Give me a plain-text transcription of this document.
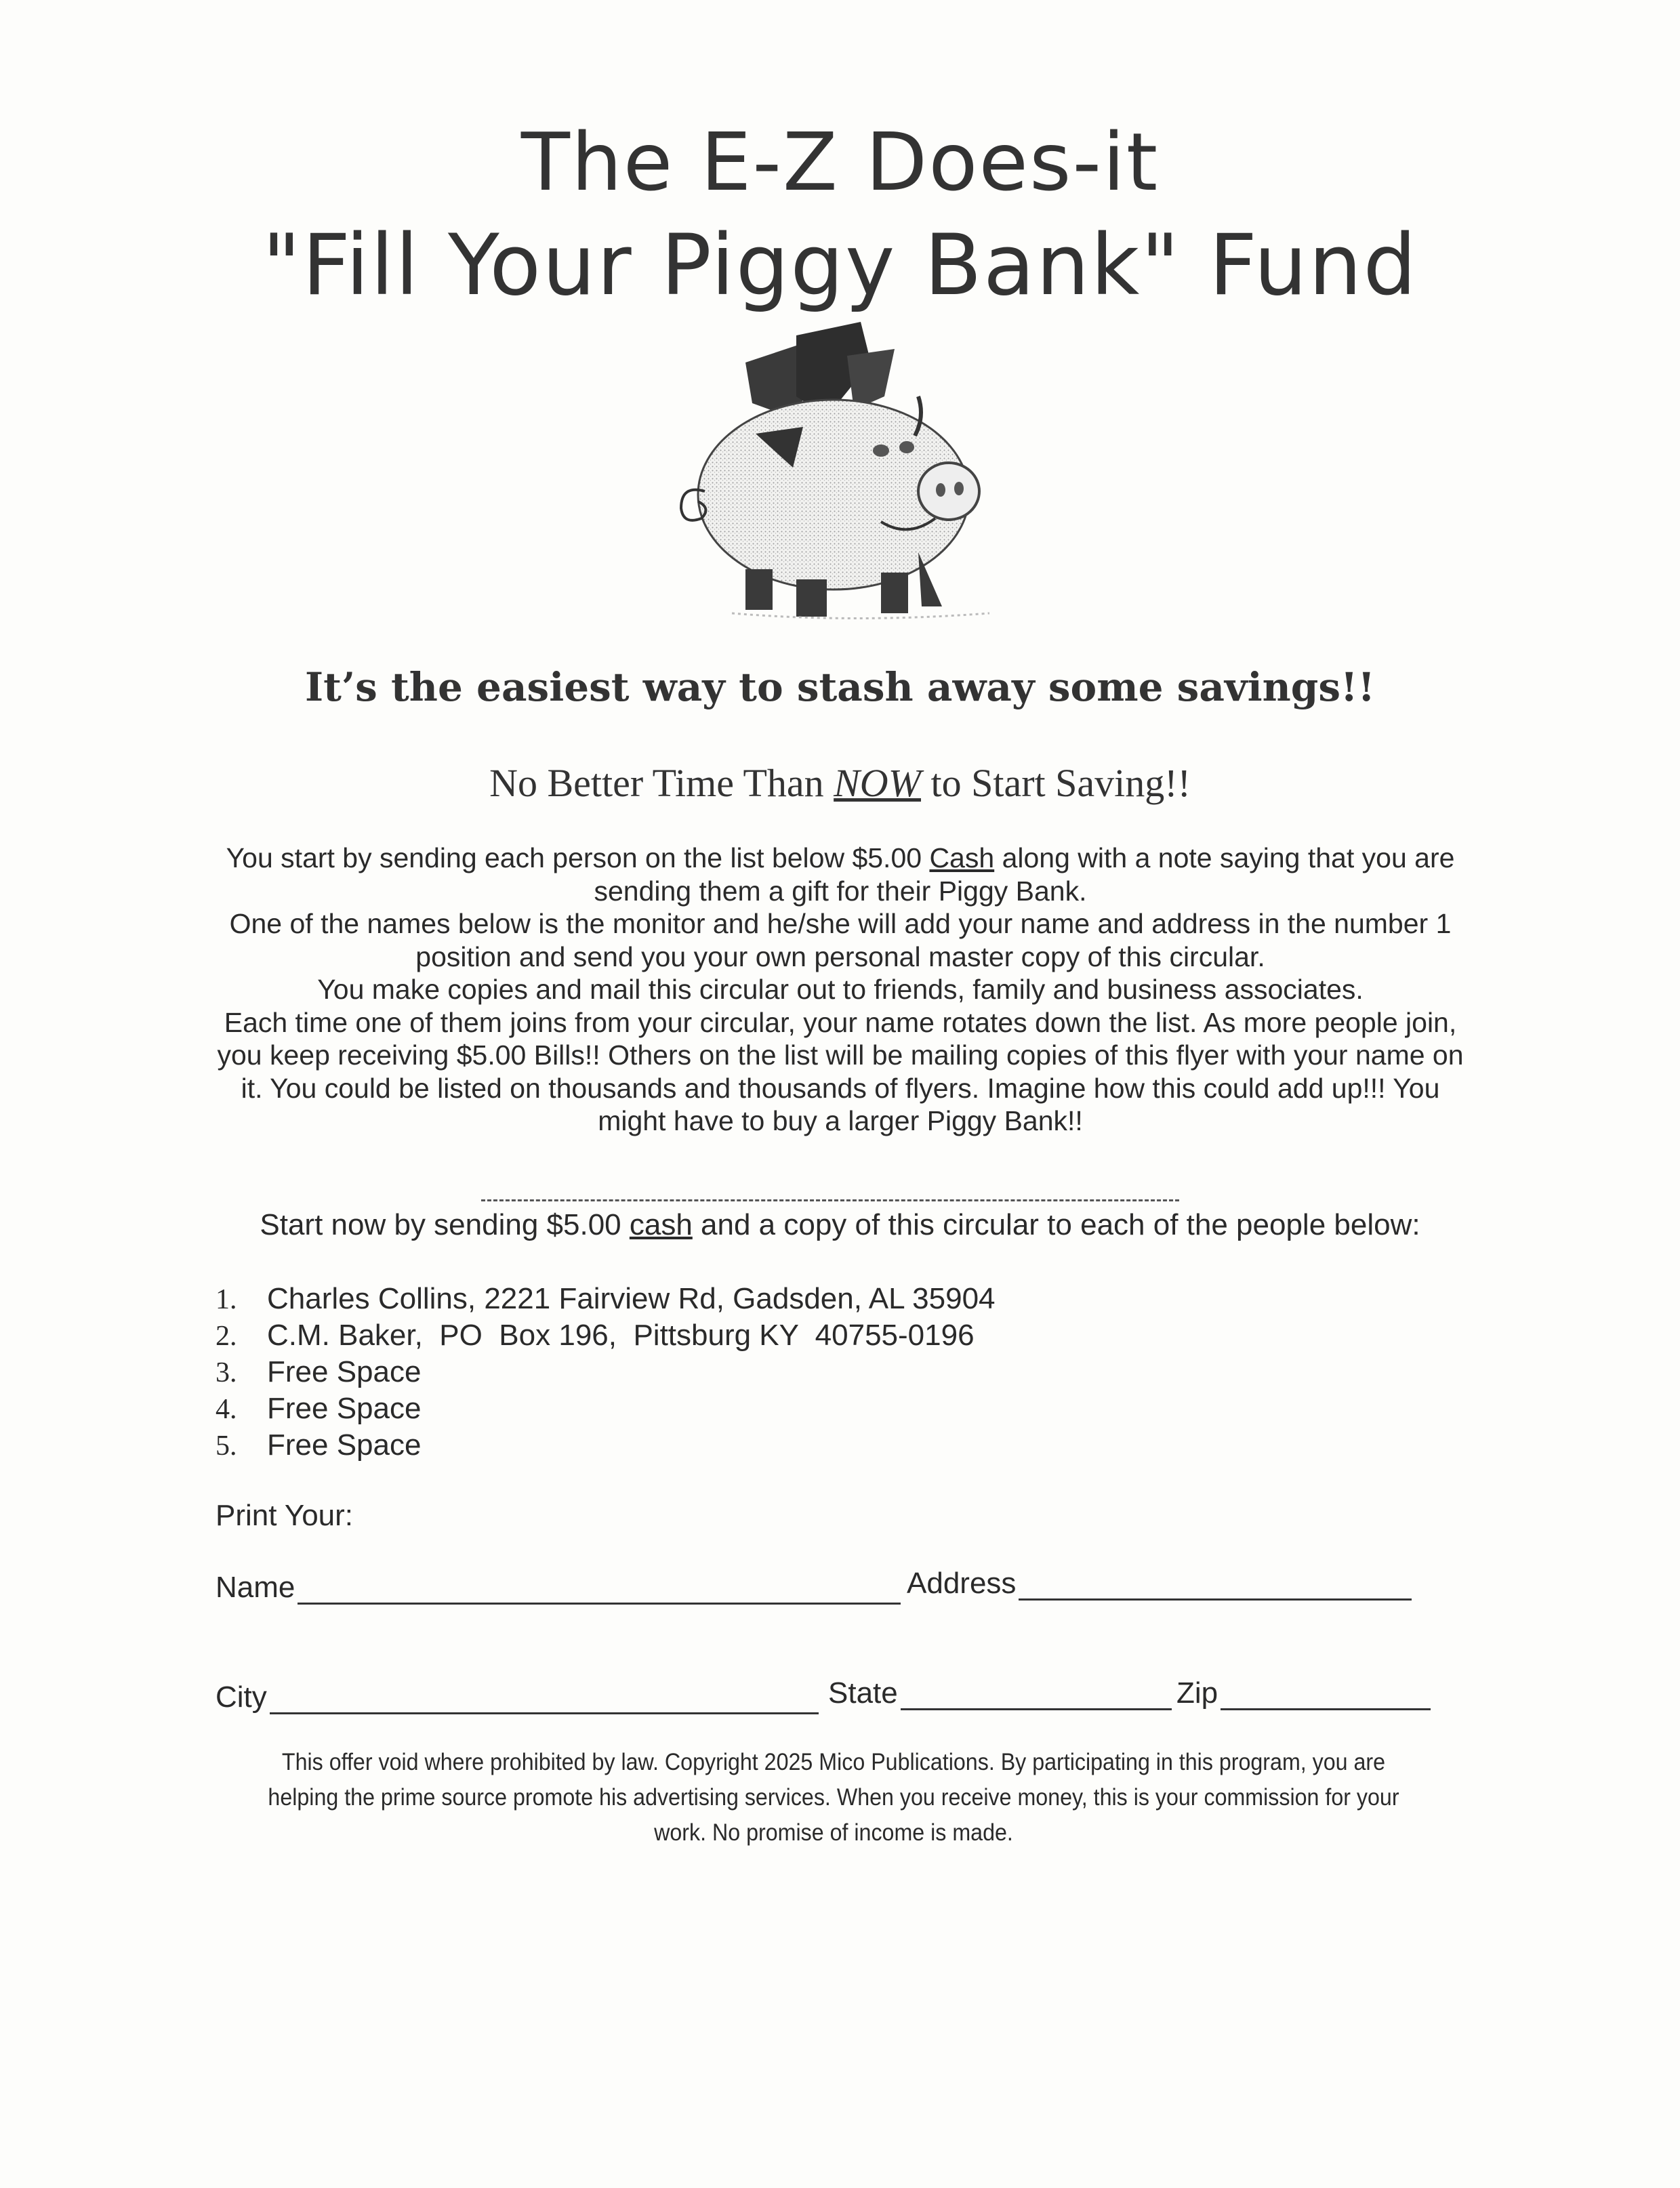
The E-Z Does-it
"Fill Your Piggy Bank" Fund
It’s the easiest way to stash away some savings!!
No Better Time Than NOW to Start Saving!!

You start by sending each person on the list below $5.00 Cash along with a note saying that you are sending them a gift for their Piggy Bank.

One of the names below is the monitor and he/she will add your name and address in the number 1 position and send you your own personal master copy of this circular.

You make copies and mail this circular out to friends, family and business associates.

Each time one of them joins from your circular, your name rotates down the list. As more people join, you keep receiving $5.00 Bills!! Others on the list will be mailing copies of this flyer with your name on it. You could be listed on thousands and thousands of flyers. Imagine how this could add up!!! You might have to buy a larger Piggy Bank!!

Start now by sending $5.00 cash and a copy of this circular to each of the people below:
1. Charles Collins, 2221 Fairview Rd, Gadsden, AL 35904
2. C.M. Baker,  PO  Box 196,  Pittsburg KY  40755-0196
3. Free Space
4. Free Space
5. Free Space
Print Your:
Name	Address
City	State	Zip
This offer void where prohibited by law. Copyright 2025 Mico Publications. By participating in this program, you are helping the prime source promote his advertising services. When you receive money, this is your commission for your work. No promise of income is made.
